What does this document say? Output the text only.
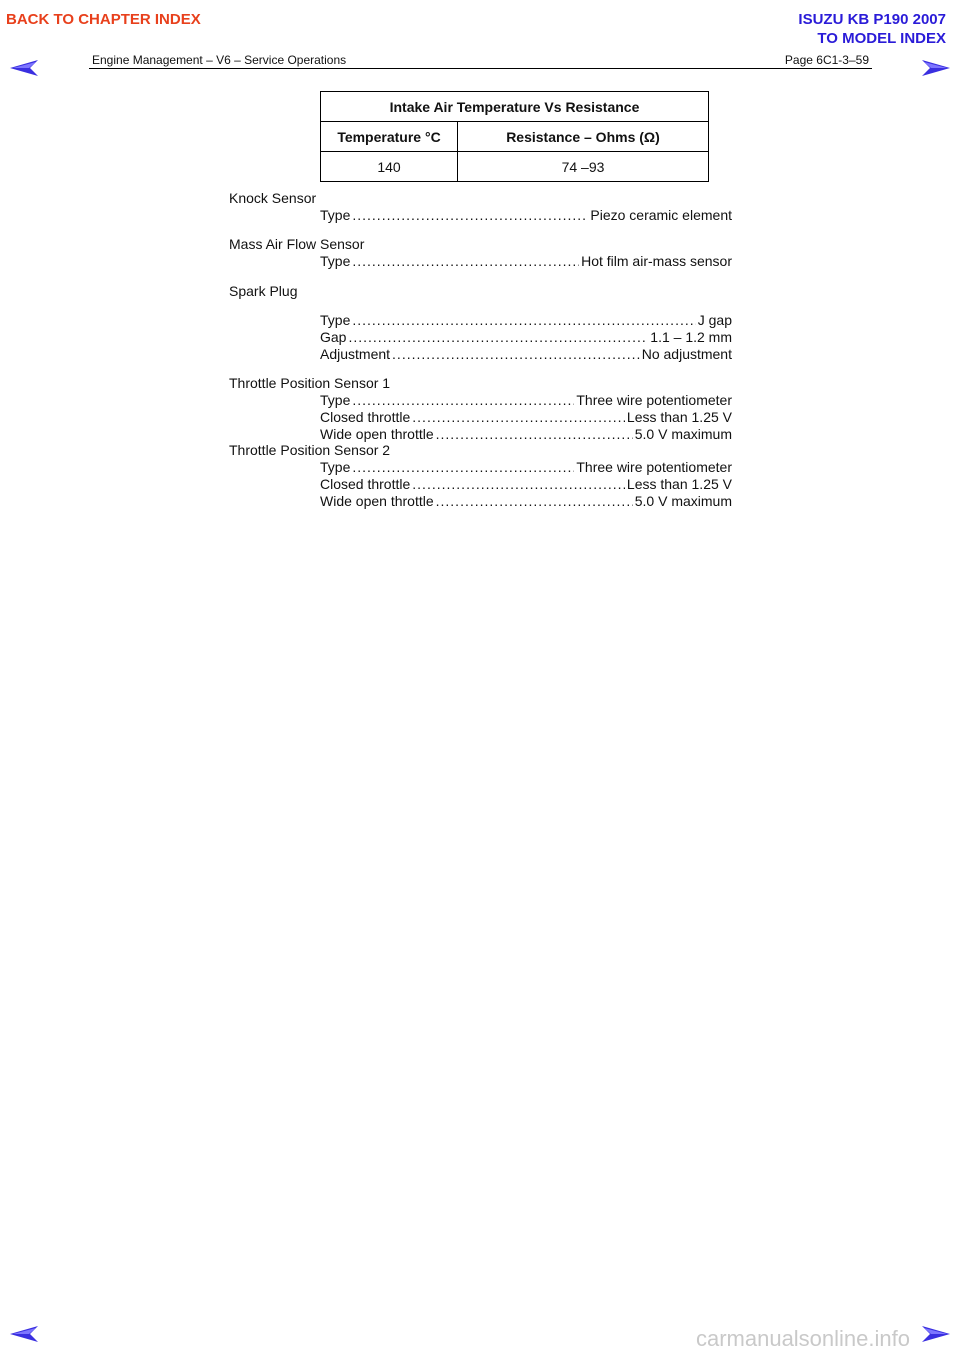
BACK TO CHAPTER INDEX	ISUZU KB P190 2007
TO MODEL INDEX
Engine Management – V6 – Service Operations	Page 6C1-3–59
Intake Air Temperature Vs Resistance	
Temperature °C	Resistance – Ohms (Ω)
140	74 –93
Knock Sensor
Type .....	Piezo ceramic element
Mass Air Flow Sensor
Type .....	Hot film air-mass sensor
Spark Plug
Type .....	J gap
Gap .....	1.1 – 1.2 mm
Adjustment .....	No adjustment
Throttle Position Sensor 1
Type .....	Three wire potentiometer
Closed throttle .....	Less than 1.25 V
Wide open throttle .....	5.0 V maximum
Throttle Position Sensor 2
Type .....	Three wire potentiometer
Closed throttle .....	Less than 1.25 V
Wide open throttle .....	5.0 V maximum
carmanualsonline.info
